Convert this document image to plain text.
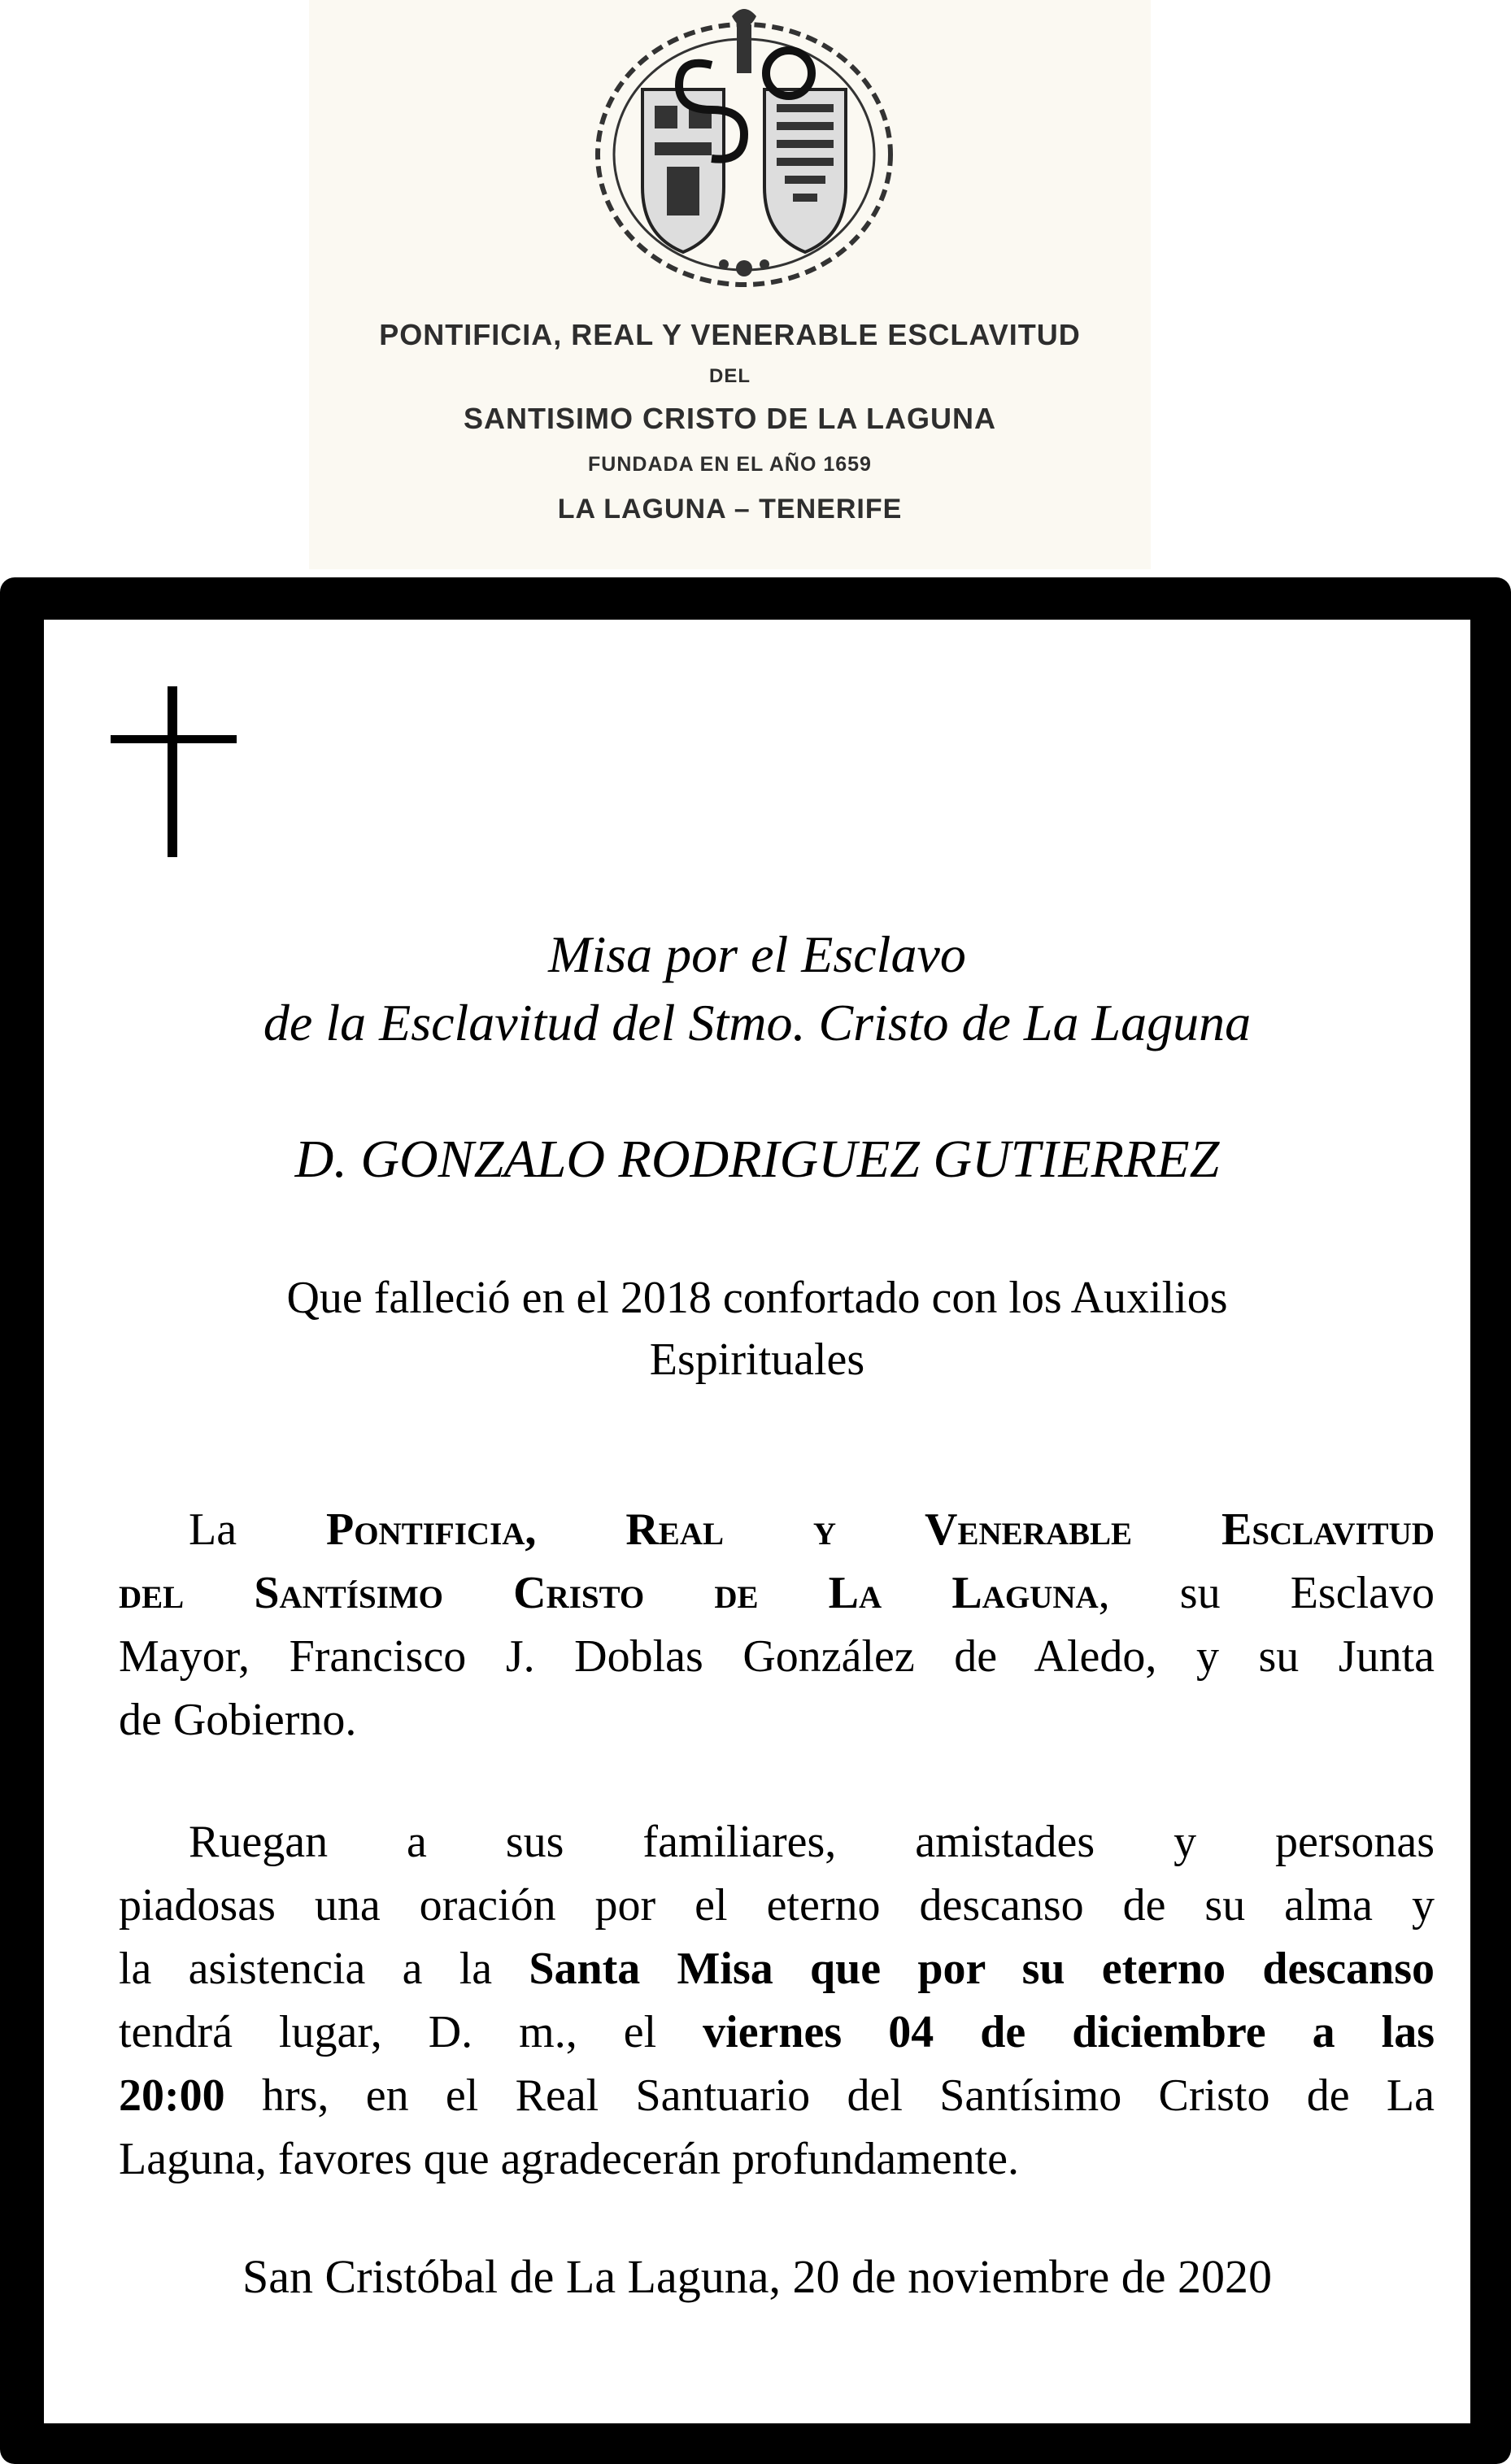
PONTIFICIA, REAL Y VENERABLE ESCLAVITUD
DEL
SANTISIMO CRISTO DE LA LAGUNA
FUNDADA EN EL AÑO 1659
LA LAGUNA – TENERIFE
Misa por el Esclavo
de la Esclavitud del Stmo. Cristo de La Laguna
D. GONZALO RODRIGUEZ GUTIERREZ
Que falleció en el 2018 confortado con los Auxilios
Espirituales
La Pontificia, Real y Venerable Esclavitud
del Santísimo Cristo de La Laguna, su Esclavo
Mayor, Francisco J. Doblas González de Aledo, y su Junta
de Gobierno.
Ruegan a sus familiares, amistades y personas
piadosas una oración por el eterno descanso de su alma y
la asistencia a la Santa Misa que por su eterno descanso
tendrá lugar, D. m., el viernes 04 de diciembre a las
20:00 hrs, en el Real Santuario del Santísimo Cristo de La
Laguna, favores que agradecerán profundamente.
San Cristóbal de La Laguna, 20 de noviembre de 2020
